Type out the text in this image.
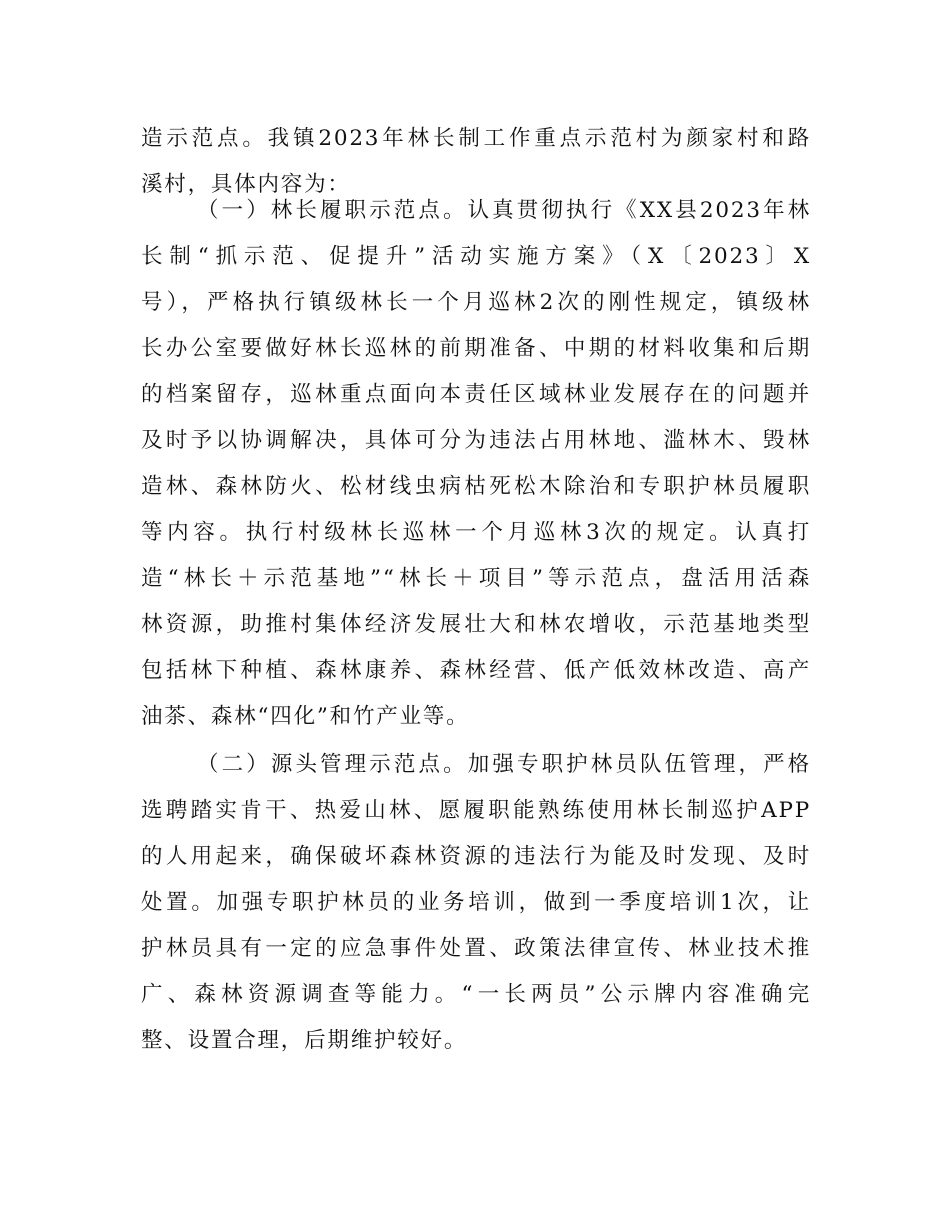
造示范点。我镇2023年林长制工作重点示范村为颜家村和路
溪村，具体内容为：
（一）林长履职示范点。认真贯彻执行《XX县2023年林
长制“抓示范、促提升”活动实施方案》（X〔2023〕X
号），严格执行镇级林长一个月巡林2次的刚性规定，镇级林
长办公室要做好林长巡林的前期准备、中期的材料收集和后期
的档案留存，巡林重点面向本责任区域林业发展存在的问题并
及时予以协调解决，具体可分为违法占用林地、滥林木、毁林
造林、森林防火、松材线虫病枯死松木除治和专职护林员履职
等内容。执行村级林长巡林一个月巡林3次的规定。认真打
造“林长＋示范基地”“林长＋项目”等示范点，盘活用活森
林资源，助推村集体经济发展壮大和林农增收，示范基地类型
包括林下种植、森林康养、森林经营、低产低效林改造、高产
油茶、森林“四化”和竹产业等。
（二）源头管理示范点。加强专职护林员队伍管理，严格
选聘踏实肯干、热爱山林、愿履职能熟练使用林长制巡护APP
的人用起来，确保破坏森林资源的违法行为能及时发现、及时
处置。加强专职护林员的业务培训，做到一季度培训1次，让
护林员具有一定的应急事件处置、政策法律宣传、林业技术推
广、森林资源调查等能力。“一长两员”公示牌内容准确完
整、设置合理，后期维护较好。
